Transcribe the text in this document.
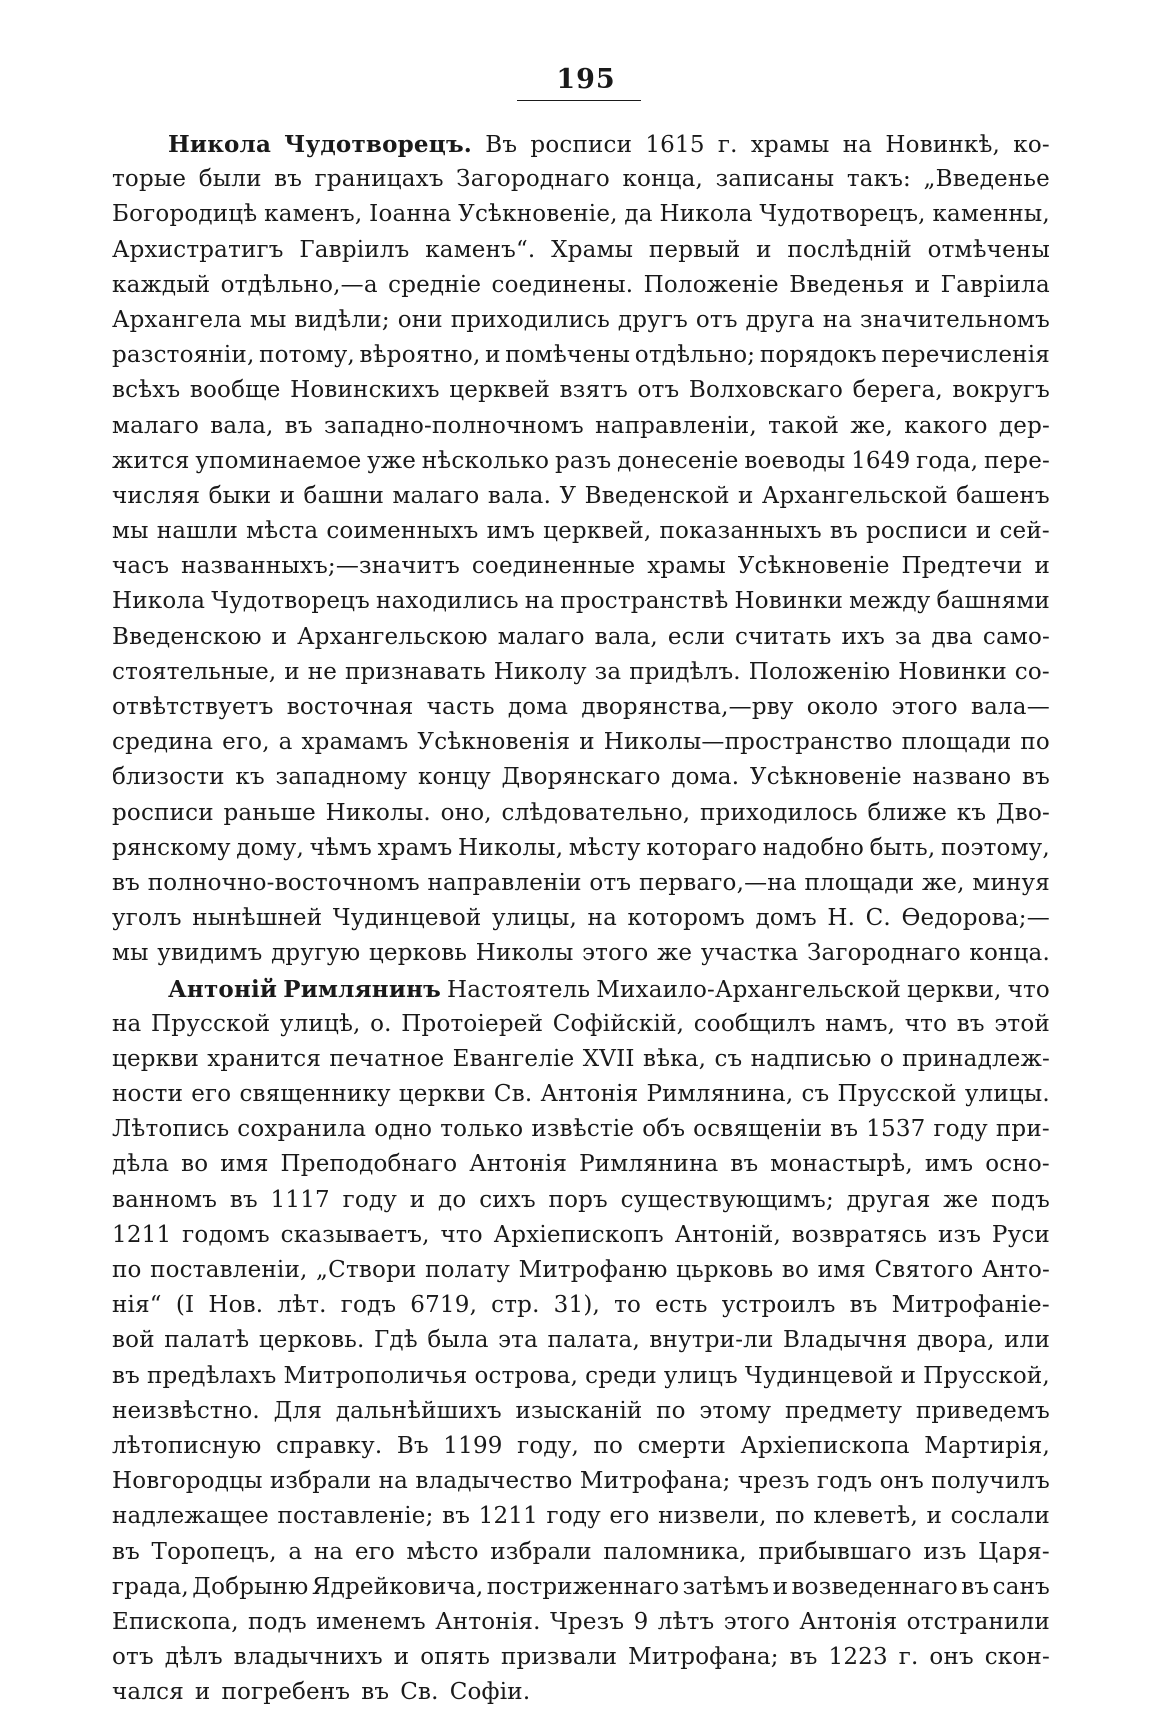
195
Никола Чудотворецъ. Въ росписи 1615 г. храмы на Новинкѣ, ко-
торые были въ границахъ Загороднаго конца, записаны такъ: „Введенье
Богородицѣ каменъ, Іоанна Усѣкновеніе, да Никола Чудотворецъ, каменны,
Архистратигъ Гавріилъ каменъ“. Храмы первый и послѣдній отмѣчены
каждый отдѣльно,—а средніе соединены. Положеніе Введенья и Гавріила
Архангела мы видѣли; они приходились другъ отъ друга на значительномъ
разстояніи, потому, вѣроятно, и помѣчены отдѣльно; порядокъ перечисленія
всѣхъ вообще Новинскихъ церквей взятъ отъ Волховскаго берега, вокругъ
малаго вала, въ западно-полночномъ направленіи, такой же, какого дер-
жится упоминаемое уже нѣсколько разъ донесеніе воеводы 1649 года, пере-
числяя быки и башни малаго вала. У Введенской и Архангельской башенъ
мы нашли мѣста соименныхъ имъ церквей, показанныхъ въ росписи и сей-
часъ названныхъ;—значитъ соединенные храмы Усѣкновеніе Предтечи и
Никола Чудотворецъ находились на пространствѣ Новинки между башнями
Введенскою и Архангельскою малаго вала, если считать ихъ за два само-
стоятельные, и не признавать Николу за придѣлъ. Положенію Новинки со-
отвѣтствуетъ восточная часть дома дворянства,—рву около этого вала—
средина его, а храмамъ Усѣкновенія и Николы—пространство площади по
близости къ западному концу Дворянскаго дома. Усѣкновеніе названо въ
росписи раньше Николы. оно, слѣдовательно, приходилось ближе къ Дво-
рянскому дому, чѣмъ храмъ Николы, мѣсту котораго надобно быть, поэтому,
въ полночно-восточномъ направленіи отъ перваго,—на площади же, минуя
уголъ нынѣшней Чудинцевой улицы, на которомъ домъ Н. С. Ѳедорова;—
мы увидимъ другую церковь Николы этого же участка Загороднаго конца.
Антоній Римлянинъ Настоятель Михаило-Архангельской церкви, что
на Прусской улицѣ, о. Протоіерей Софійскій, сообщилъ намъ, что въ этой
церкви хранится печатное Евангеліе XVII вѣка, съ надписью о принадлеж-
ности его священнику церкви Св. Антонія Римлянина, съ Прусской улицы.
Лѣтопись сохранила одно только извѣстіе объ освященіи въ 1537 году при-
дѣла во имя Преподобнаго Антонія Римлянина въ монастырѣ, имъ осно-
ванномъ въ 1117 году и до сихъ поръ существующимъ; другая же подъ
1211 годомъ сказываетъ, что Архіепископъ Антоній, возвратясь изъ Руси
по поставленіи, „Створи полату Митрофаню цьрковь во имя Святого Анто-
нія“ (I Нов. лѣт. годъ 6719, стр. 31), то есть устроилъ въ Митрофаніе-
вой палатѣ церковь. Гдѣ была эта палата, внутри-ли Владычня двора, или
въ предѣлахъ Митрополичья острова, среди улицъ Чудинцевой и Прусской,
неизвѣстно. Для дальнѣйшихъ изысканій по этому предмету приведемъ
лѣтописную справку. Въ 1199 году, по смерти Архіепископа Мартирія,
Новгородцы избрали на владычество Митрофана; чрезъ годъ онъ получилъ
надлежащее поставленіе; въ 1211 году его низвели, по клеветѣ, и сослали
въ Торопецъ, а на его мѣсто избрали паломника, прибывшаго изъ Царя-
града, Добрыню Ядрейковича, постриженнаго затѣмъ и возведеннаго въ санъ
Епископа, подъ именемъ Антонія. Чрезъ 9 лѣтъ этого Антонія отстранили
отъ дѣлъ владычнихъ и опять призвали Митрофана; въ 1223 г. онъ скон-
чался и погребенъ въ Св. Софіи.
